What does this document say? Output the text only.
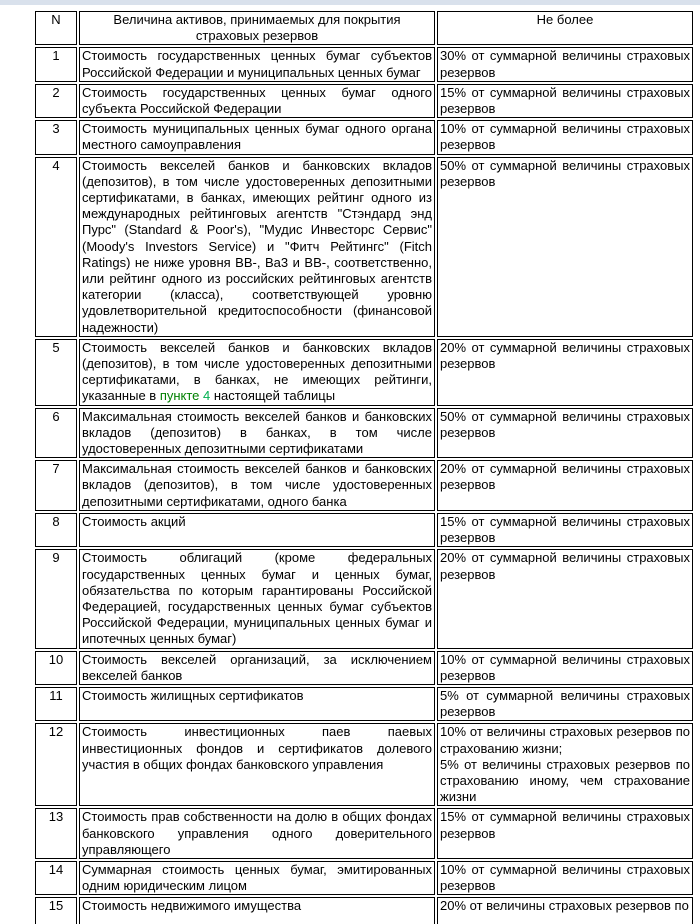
N	Величина активов, принимаемых для покрытия страховых резервов	Не более
1	Стоимость государственных ценных бумаг субъектов Российской Федерации и муниципальных ценных бумаг	30% от суммарной величины страховых резервов
2	Стоимость государственных ценных бумаг одного субъекта Российской Федерации	15% от суммарной величины страховых резервов
3	Стоимость муниципальных ценных бумаг одного органа местного самоуправления	10% от суммарной величины страховых резервов
4	Стоимость векселей банков и банковских вкладов (депозитов), в том числе удостоверенных депозитными сертификатами, в банках, имеющих рейтинг одного из международных рейтинговых агентств "Стэндард энд Пурс" (Standard & Poor's), "Мудис Инвесторс Сервис" (Moody's Investors Service) и "Фитч Рейтингс" (Fitch Ratings) не ниже уровня BB-, Ba3 и BB-, соответственно, или рейтинг одного из российских рейтинговых агентств категории (класса), соответствующей уровню удовлетворительной кредитоспособности (финансовой надежности)	50% от суммарной величины страховых резервов
5	Стоимость векселей банков и банковских вкладов (депозитов), в том числе удостоверенных депозитными сертификатами, в банках, не имеющих рейтинги, указанные в пункте 4 настоящей таблицы	20% от суммарной величины страховых резервов
6	Максимальная стоимость векселей банков и банковских вкладов (депозитов) в банках, в том числе удостоверенных депозитными сертификатами	50% от суммарной величины страховых резервов
7	Максимальная стоимость векселей банков и банковских вкладов (депозитов), в том числе удостоверенных депозитными сертификатами, одного банка	20% от суммарной величины страховых резервов
8	Стоимость акций	15% от суммарной величины страховых резервов
9	Стоимость облигаций (кроме федеральных государственных ценных бумаг и ценных бумаг, обязательства по которым гарантированы Российской Федерацией, государственных ценных бумаг субъектов Российской Федерации, муниципальных ценных бумаг и ипотечных ценных бумаг)	20% от суммарной величины страховых резервов
10	Стоимость векселей организаций, за исключением векселей банков	10% от суммарной величины страховых резервов
11	Стоимость жилищных сертификатов	5% от суммарной величины страховых резервов
12	Стоимость инвестиционных паев паевых инвестиционных фондов и сертификатов долевого участия в общих фондах банковского управления	10% от величины страховых резервов по страхованию жизни;
5% от величины страховых резервов по страхованию иному, чем страхование жизни

13	Стоимость прав собственности на долю в общих фондах банковского управления одного доверительного управляющего	15% от суммарной величины страховых резервов
14	Суммарная стоимость ценных бумаг, эмитированных одним юридическим лицом	10% от суммарной величины страховых резервов
15	Стоимость недвижимого имущества	20% от величины страховых резервов по
